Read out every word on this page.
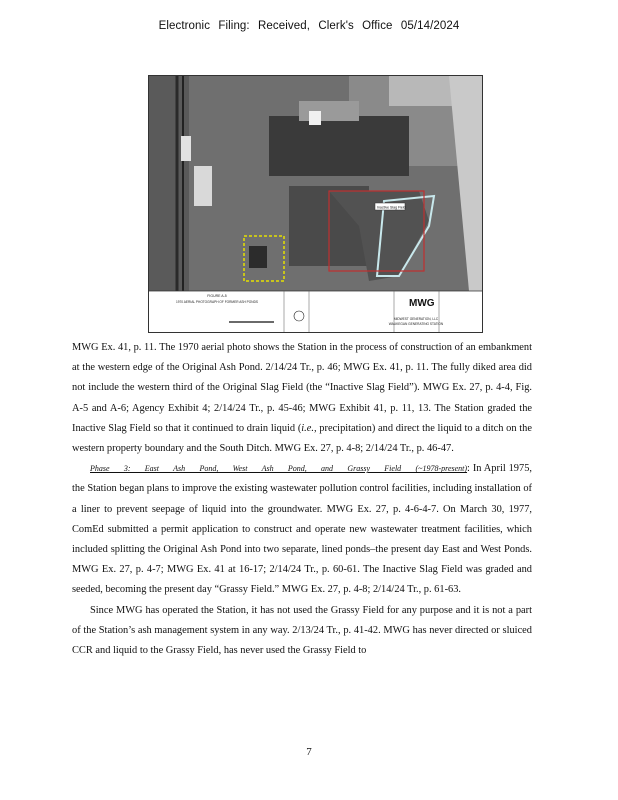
Electronic Filing: Received, Clerk's Office 05/14/2024
Inactive Slag Field
FIGURE A-5
1970 AERIAL PHOTOGRAPH OF FORMER ASH PONDS	MWG
MIDWEST GENERATION, LLC
WAUKEGAN GENERATING STATION

MWG Ex. 41, p. 11. The 1970 aerial photo shows the Station in the process of construction of an embankment at the western edge of the Original Ash Pond. 2/14/24 Tr., p. 46; MWG Ex. 41, p. 11. The fully diked area did not include the western third of the Original Slag Field (the “Inactive Slag Field”). MWG Ex. 27, p. 4-4, Fig. A-5 and A-6; Agency Exhibit 4; 2/14/24 Tr., p. 45-46; MWG Exhibit 41, p. 11, 13. The Station graded the Inactive Slag Field so that it continued to drain liquid (i.e., precipitation) and direct the liquid to a ditch on the western property boundary and the South Ditch. MWG Ex. 27, p. 4-8; 2/14/24 Tr., p. 46-47.

Phase 3: East Ash Pond, West Ash Pond, and Grassy Field (~1978-present): In April 1975, the Station began plans to improve the existing wastewater pollution control facilities, including installation of a liner to prevent seepage of liquid into the groundwater. MWG Ex. 27, p. 4-6-4-7. On March 30, 1977, ComEd submitted a permit application to construct and operate new wastewater treatment facilities, which included splitting the Original Ash Pond into two separate, lined ponds–the present day East and West Ponds. MWG Ex. 27, p. 4-7; MWG Ex. 41 at 16-17; 2/14/24 Tr., p. 60-61. The Inactive Slag Field was graded and seeded, becoming the present day “Grassy Field.” MWG Ex. 27, p. 4-8; 2/14/24 Tr., p. 61-63.

Since MWG has operated the Station, it has not used the Grassy Field for any purpose and it is not a part of the Station’s ash management system in any way. 2/13/24 Tr., p. 41-42. MWG has never directed or sluiced CCR and liquid to the Grassy Field, has never used the Grassy Field to

7
